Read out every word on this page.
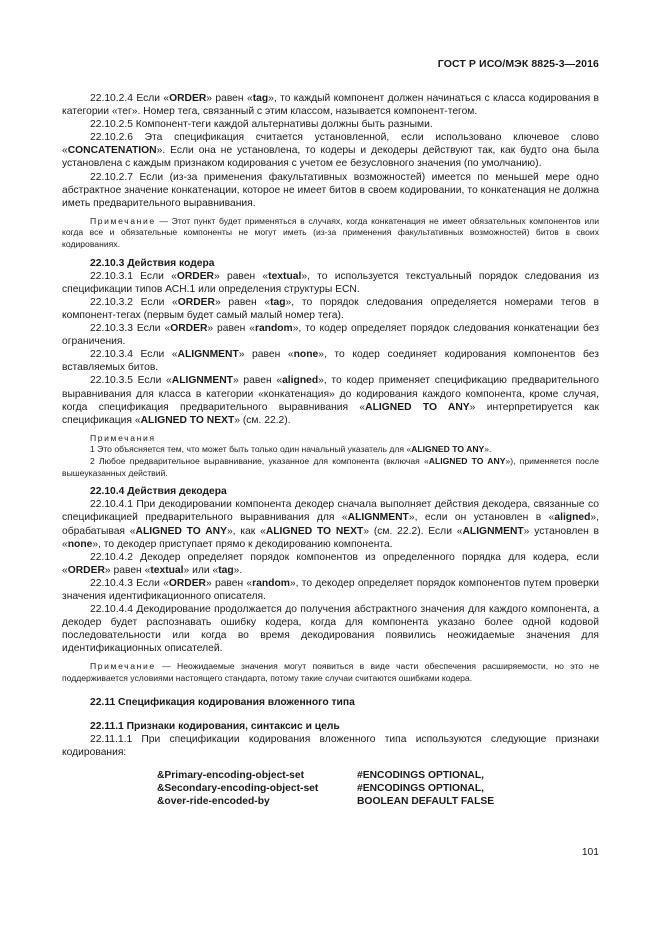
ГОСТ Р ИСО/МЭК 8825-3—2016

22.10.2.4 Если «ORDER» равен «tag», то каждый компонент должен начинаться с класса кодирования в категории «тег». Номер тега, связанный с этим классом, называется компонент-тегом.

22.10.2.5 Компонент-теги каждой альтернативы должны быть разными.

22.10.2.6 Эта спецификация считается установленной, если использовано ключевое слово «CONCATENATION». Если она не установлена, то кодеры и декодеры действуют так, как будто она была установлена с каждым признаком кодирования с учетом ее безусловного значения (по умолчанию).

22.10.2.7 Если (из-за применения факультативных возможностей) имеется по меньшей мере одно абстрактное значение конкатенации, которое не имеет битов в своем кодировании, то конкатенация не должна иметь предварительного выравнивания.

Примечание — Этот пункт будет применяться в случаях, когда конкатенация не имеет обязательных компонентов или когда все и обязательные компоненты не могут иметь (из-за применения факультативных возможностей) битов в своих кодированиях.

22.10.3 Действия кодера

22.10.3.1 Если «ORDER» равен «textual», то используется текстуальный порядок следования из спецификации типов АСН.1 или определения структуры ECN.

22.10.3.2 Если «ORDER» равен «tag», то порядок следования определяется номерами тегов в компонент-тегах (первым будет самый малый номер тега).

22.10.3.3 Если «ORDER» равен «random», то кодер определяет порядок следования конкатенации без ограничения.

22.10.3.4 Если «ALIGNMENT» равен «none», то кодер соединяет кодирования компонентов без вставляемых битов.

22.10.3.5 Если «ALIGNMENT» равен «aligned», то кодер применяет спецификацию предварительного выравнивания для класса в категории «конкатенация» до кодирования каждого компонента, кроме случая, когда спецификация предварительного выравнивания «ALIGNED TO ANY» интерпретируется как спецификация «ALIGNED TO NEXT» (см. 22.2).

Примечания

1 Это объясняется тем, что может быть только один начальный указатель для «ALIGNED TO ANY».

2 Любое предварительное выравнивание, указанное для компонента (включая «ALIGNED TO ANY»), применяется после вышеуказанных действий.

22.10.4 Действия декодера

22.10.4.1 При декодировании компонента декодер сначала выполняет действия декодера, связанные со спецификацией предварительного выравнивания для «ALIGNMENT», если он установлен в «aligned», обрабатывая «ALIGNED TO ANY», как «ALIGNED TO NEXT» (см. 22.2). Если «ALIGNMENT» установлен в «none», то декодер приступает прямо к декодированию компонента.

22.10.4.2 Декодер определяет порядок компонентов из определенного порядка для кодера, если «ORDER» равен «textual» или «tag».

22.10.4.3 Если «ORDER» равен «random», то декодер определяет порядок компонентов путем проверки значения идентификационного описателя.

22.10.4.4 Декодирование продолжается до получения абстрактного значения для каждого компонента, а декодер будет распознавать ошибку кодера, когда для компонента указано более одной кодовой последовательности или когда во время декодирования появились неожидаемые значения для идентификационных описателей.

Примечание — Неожидаемые значения могут появиться в виде части обеспечения расширяемости, но это не поддерживается условиями настоящего стандарта, потому такие случаи считаются ошибками кодера.

22.11 Спецификация кодирования вложенного типа

22.11.1 Признаки кодирования, синтаксис и цель

22.11.1.1 При спецификации кодирования вложенного типа используются следующие признаки кодирования:

&Primary-encoding-object-set	#ENCODINGS OPTIONAL,
&Secondary-encoding-object-set	#ENCODINGS OPTIONAL,
&over-ride-encoded-by	BOOLEAN DEFAULT FALSE
101
